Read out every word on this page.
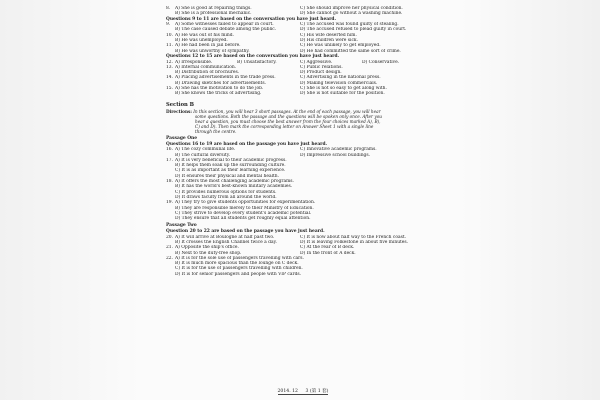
8.	A) She is good at repairing things.	C) She should improve her physical condition.
B) She is a professional mechanic.	D) She cannot go without a washing machine.
Questions 9 to 11 are based on the conversation you have just heard.
9.	A) Some witnesses failed to appear in court.	C) The accused was found guilty of stealing.
B) The case caused debate among the public.	D) The accused refused to plead guilty in court.
10. A) He was out of his mind.	C) His wife deserted him.
B) He was unemployed.	D) His children were sick.
11. A) He had been in jail before.	C) He was unlikely to get employed.
B) He was unworthy of sympathy.	D) He had committed the same sort of crime.
Questions 12 to 15 are based on the conversation you have just heard.
12. A) Irresponsible.	B) Unsatisfactory.	C) Aggressive.	D) Conservative.
13. A) Internal communication.	C) Public relations.
B) Distribution of brochures.	D) Product design.
14. A) Placing advertisements in the trade press.	C) Advertising in the national press.
B) Drawing sketches for advertisements.	D) Making television commercials.
15. A) She has the motivation to do the job.	C) She is not so easy to get along with.
B) She knows the tricks of advertising.	D) She is not suitable for the position.
Section B
Directions: In this section, you will hear 3 short passages. At the end of each passage, you will hear
some questions. Both the passage and the questions will be spoken only once. After you
hear a question, you must choose the best answer from the four choices marked A), B),
C) and D). Then mark the corresponding letter on Answer Sheet 1 with a single line
through the centre.
Passage One
Questions 16 to 19 are based on the passage you have just heard.
16. A) The cozy communal life.	C) Innovative academic programs.
B) The cultural diversity.	D) Impressive school buildings.
17. A) It is very beneficial to their academic progress.
B) It helps them soak up the surrounding culture.
C) It is as important as their learning experience.
D) It ensures their physical and mental health.
18. A) It offers the most challenging academic programs.
B) It has the world's best-known military academies.
C) It provides numerous options for students.
D) It draws faculty from all around the world.
19. A) They try to give students opportunities for experimentation.
B) They are responsible merely to their Ministry of Education.
C) They strive to develop every student's academic potential.
D) They ensure that all students get roughly equal attention.
Passage Two
Question 20 to 22 are based on the passage you have just heard.
20. A) It will arrive at Boulogne at half past two.	C) It is now about half way to the French coast.
B) It crosses the English Channel twice a day.	D) It is leaving Folkestone in about five minutes.
21. A) Opposite the ship's office.	C) At the rear of B deck.
B) Next to the duty-free shop.	D) In the front of A deck.
22. A) It is for the sole use of passengers travelling with cars.
B) It is much more spacious than the lounge on C deck.
C) It is for the use of passengers travelling with children.
D) It is for senior passengers and people with VIP cards.
2014. 12 　 3 (第 1 套)
